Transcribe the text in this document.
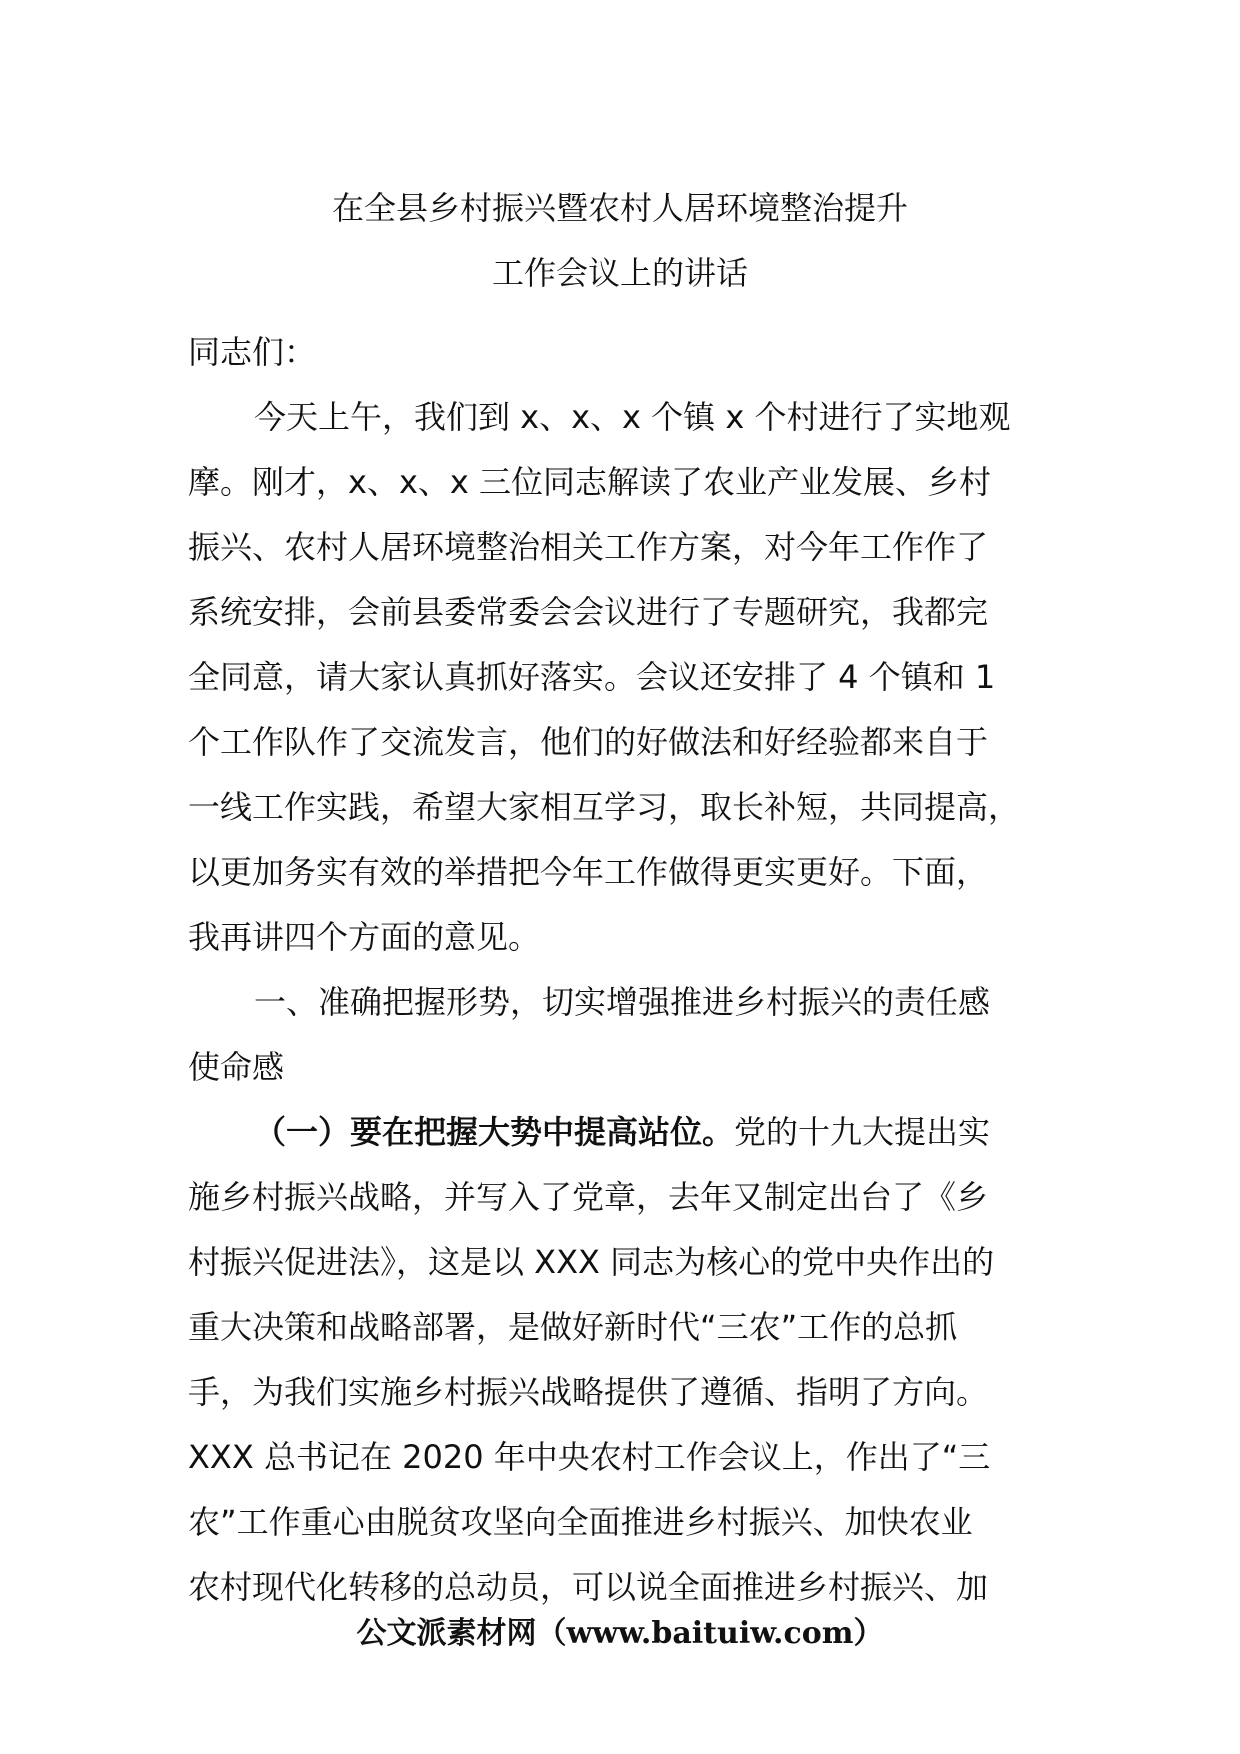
在全县乡村振兴暨农村人居环境整治提升
工作会议上的讲话
同志们：
今天上午，我们到 x、x、x 个镇 x 个村进行了实地观
摩。刚才，x、x、x 三位同志解读了农业产业发展、乡村
振兴、农村人居环境整治相关工作方案，对今年工作作了
系统安排，会前县委常委会会议进行了专题研究，我都完
全同意，请大家认真抓好落实。会议还安排了 4 个镇和 1
个工作队作了交流发言，他们的好做法和好经验都来自于
一线工作实践，希望大家相互学习，取长补短，共同提高，
以更加务实有效的举措把今年工作做得更实更好。下面，
我再讲四个方面的意见。
一、准确把握形势，切实增强推进乡村振兴的责任感
使命感
（一）要在把握大势中提高站位。党的十九大提出实
施乡村振兴战略，并写入了党章，去年又制定出台了《乡
村振兴促进法》，这是以 XXX 同志为核心的党中央作出的
重大决策和战略部署，是做好新时代“三农”工作的总抓
手，为我们实施乡村振兴战略提供了遵循、指明了方向。
XXX 总书记在 2020 年中央农村工作会议上，作出了“三
农”工作重心由脱贫攻坚向全面推进乡村振兴、加快农业
农村现代化转移的总动员，可以说全面推进乡村振兴、加
公文派素材网（www.baituiw.com）
